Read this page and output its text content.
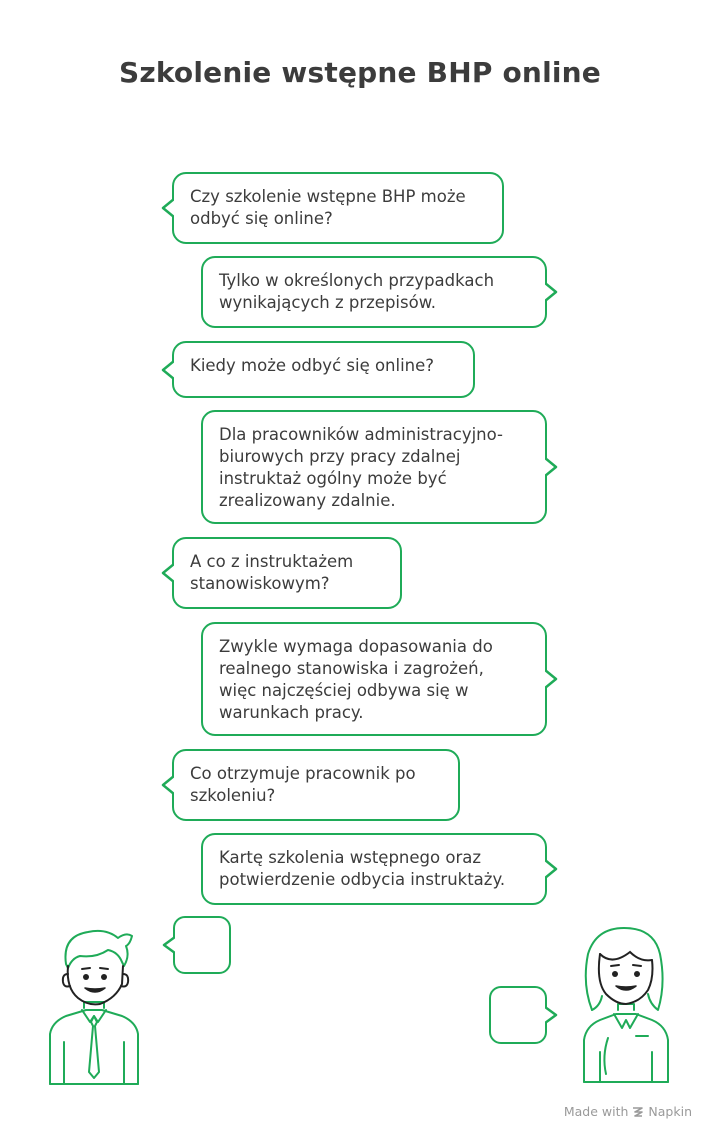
Szkolenie wstępne BHP online
Czy szkolenie wstępne BHP może
odbyć się online?
Tylko w określonych przypadkach
wynikających z przepisów.
Kiedy może odbyć się online?
Dla pracowników administracyjno-
biurowych przy pracy zdalnej
instruktaż ogólny może być
zrealizowany zdalnie.
A co z instruktażem
stanowiskowym?
Zwykle wymaga dopasowania do
realnego stanowiska i zagrożeń,
więc najczęściej odbywa się w
warunkach pracy.
Co otrzymuje pracownik po
szkoleniu?
Kartę szkolenia wstępnego oraz
potwierdzenie odbycia instruktaży.
Made with Napkin
